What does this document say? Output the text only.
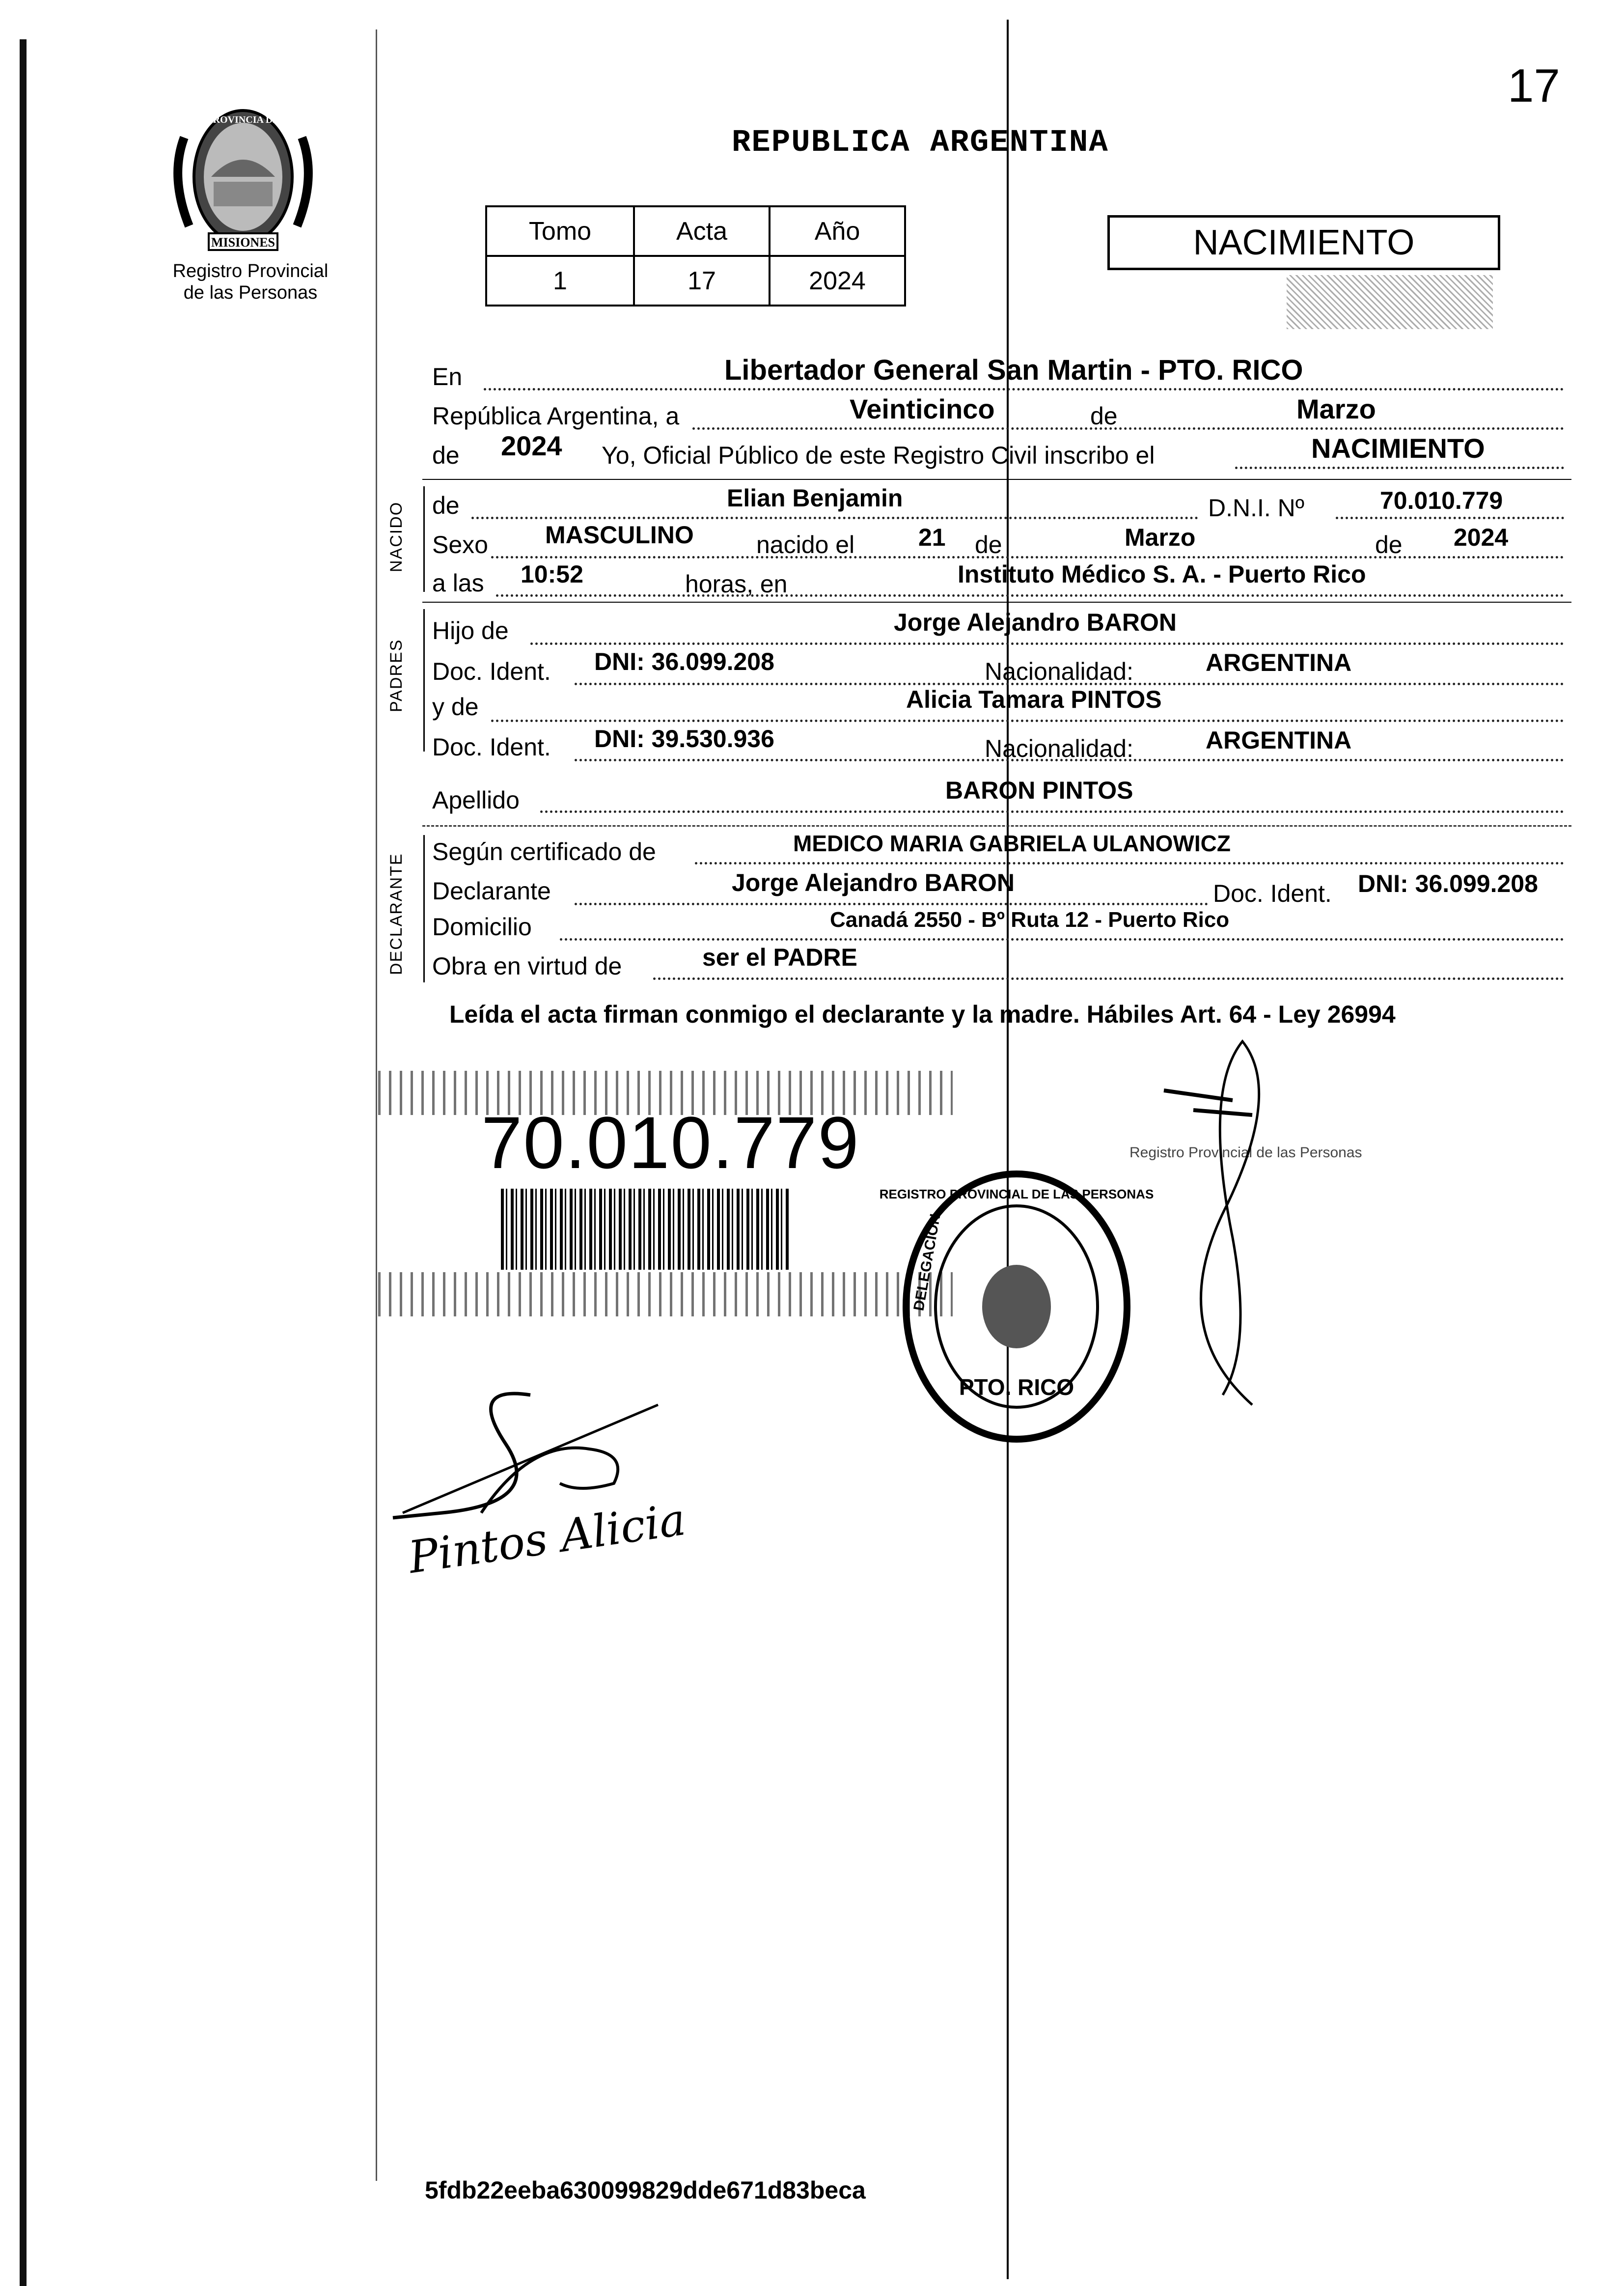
17
REPUBLICA ARGENTINA
MISIONES
PROVINCIA DE
Registro Provincial
de las Personas
Tomo	Acta	Año
1	17	2024
NACIMIENTO
En	Libertador General San Martin - PTO. RICO
República Argentina, a	Veinticinco	de	Marzo
de 2024 Yo, Oficial Público de este Registro Civil inscribo el	NACIMIENTO
NACIDO de	Elian Benjamin	D.N.I. Nº	70.010.779
Sexo MASCULINO	nacido el	21 de	Marzo	de 2024
a las 10:52	horas, en	Instituto Médico S. A. - Puerto Rico
PADRES
Hijo de	Jorge Alejandro BARON
Doc. Ident. DNI: 36.099.208	Nacionalidad:	ARGENTINA
y de	Alicia Tamara PINTOS
Doc. Ident. DNI: 39.530.936	Nacionalidad:	ARGENTINA
Apellido	BARON PINTOS
DECLARANTE
Según certificado de	MEDICO MARIA GABRIELA ULANOWICZ
Declarante	Jorge Alejandro BARON	Doc. Ident. DNI: 36.099.208
Domicilio	Canadá 2550 - Bº Ruta 12 - Puerto Rico
Obra en virtud de	ser el PADRE
Leída el acta firman conmigo el declarante y la madre. Hábiles Art. 64 - Ley 26994
70.010.779
PTO. RICO
REGISTRO PROVINCIAL DE LAS PERSONAS
DELEGACIÓN
Registro Provincial de las Personas
Pintos Alicia
5fdb22eeba630099829dde671d83beca
